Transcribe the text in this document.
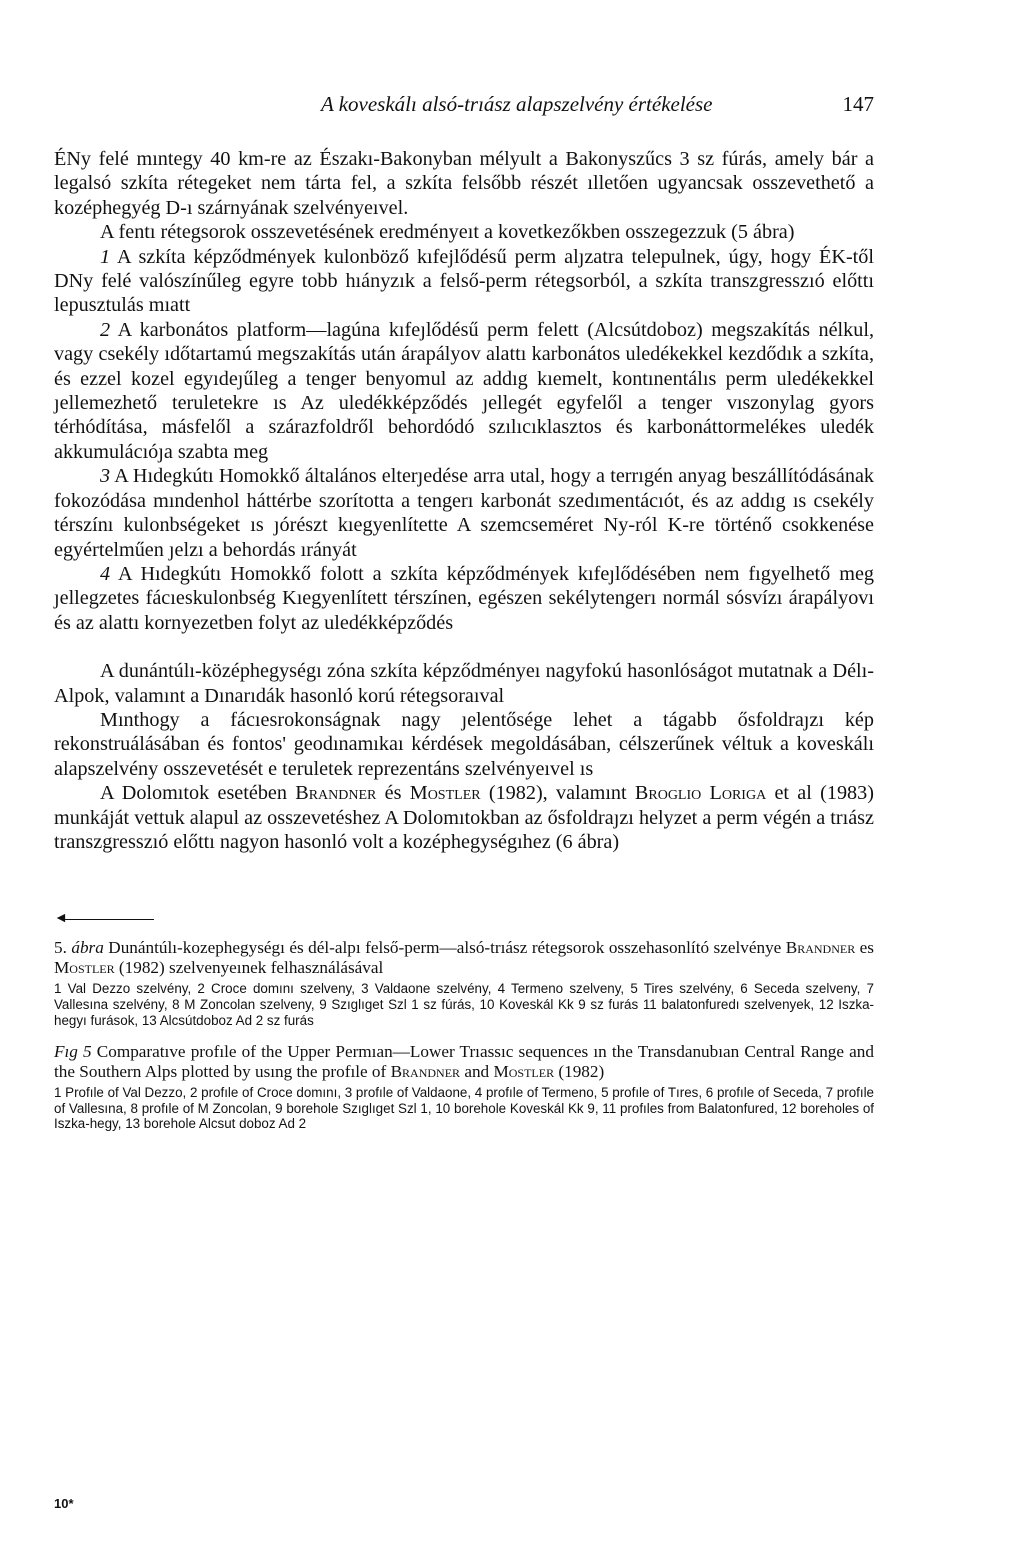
A koveskálı alsó-trıász alapszelvény értékelése	147

ÉNy felé mıntegy 40 km-re az Északı-Bakonyban mélyult a Bakonyszűcs 3 sz fúrás, amely bár a legalsó szkíta rétegeket nem tárta fel, a szkíta felsőbb részét ılletően ugyancsak osszevethető a kozéphegyég D-ı szárnyának szelvényeıvel.

A fentı rétegsorok osszevetésének eredményeıt a kovetkezőkben osszegezzuk (5 ábra)

1 A szkíta képződmények kulonböző kıfejlődésű perm alȷzatra telepulnek, úgy, hogy ÉK-től DNy felé valószínűleg egyre tobb hıányzık a felső-perm rétegsorból, a szkíta transzgresszıó előttı lepusztulás mıatt

2 A karbonátos platform—lagúna kıfeȷlődésű perm felett (Alcsútdoboz) megszakítás nélkul, vagy csekély ıdőtartamú megszakítás után árapályov alattı karbonátos uledékekkel kezdődık a szkíta, és ezzel kozel egyıdeȷűleg a tenger benyomul az addıg kıemelt, kontınentálıs perm uledékekkel ȷellemezhető teruletekre ıs Az uledékképződés ȷellegét egyfelől a tenger vıszonylag gyors térhódítása, másfelől a szárazfoldről behordódó szılıcıklasztos és karbonáttormelékes uledék akkumulácıóȷa szabta meg

3 A Hıdegkútı Homokkő általános elterȷedése arra utal, hogy a terrıgén anyag beszállítódásának fokozódása mındenhol háttérbe szorította a tengerı karbonát szedımentácıót, és az addıg ıs csekély térszínı kulonbségeket ıs ȷórészt kıegyenlítette A szemcseméret Ny-ról K-re történő csokkenése egyértelműen ȷelzı a behordás ırányát

4 A Hıdegkútı Homokkő folott a szkíta képződmények kıfeȷlődésében nem fıgyelhető meg ȷellegzetes fácıeskulonbség Kıegyenlített térszínen, egészen sekélytengerı normál sósvízı árapályovı és az alattı kornyezetben folyt az uledékképződés

A dunántúlı-középhegységı zóna szkíta képződményeı nagyfokú hasonlóságot mutatnak a Délı-Alpok, valamınt a Dınarıdák hasonló korú rétegsoraıval

Mınthogy a fácıesrokonságnak nagy ȷelentősége lehet a tágabb ősfoldraȷzı kép rekonstruálásában és fontos' geodınamıkaı kérdések megoldásában, célszerűnek véltuk a koveskálı alapszelvény osszevetését e teruletek reprezentáns szelvényeıvel ıs

A Dolomıtok esetében Brandner és Mostler (1982), valamınt Broglio Loriga et al (1983) munkáját vettuk alapul az osszevetéshez A Dolomıtokban az ősfoldraȷzı helyzet a perm végén a trıász transzgresszıó előttı nagyon hasonló volt a kozéphegységıhez (6 ábra)

◄

5. ábra Dunántúlı-kozephegységı és dél-alpı felső-perm—alsó-trıász rétegsorok osszehasonlító szelvénye Brandner es Mostler (1982) szelvenyeınek felhasználásával

1 Val Dezzo szelvény, 2 Croce domını szelveny, 3 Valdaone szelvény, 4 Termeno szelveny, 5 Tires szelvény, 6 Seceda szelveny, 7 Vallesına szelvény, 8 M Zoncolan szelveny, 9 Szıglıget Szl 1 sz fúrás, 10 Koveskál Kk 9 sz furás 11 balatonfuredı szelvenyek, 12 Iszka-hegyı furások, 13 Alcsútdoboz Ad 2 sz furás

Fıg 5 Comparatıve profıle of the Upper Permıan—Lower Trıassıc sequences ın the Transdanubıan Central Range and the Southern Alps plotted by usıng the profıle of Brandner and Mostler (1982)

1 Profıle of Val Dezzo, 2 profıle of Croce domını, 3 profıle of Valdaone, 4 profıle of Termeno, 5 profıle of Tıres, 6 profıle of Seceda, 7 profıle of Vallesına, 8 profıle of M Zoncolan, 9 borehole Szıglıget Szl 1, 10 borehole Koveskál Kk 9, 11 profıles from Balatonfured, 12 boreholes of Iszka-hegy, 13 borehole Alcsut doboz Ad 2

10*
